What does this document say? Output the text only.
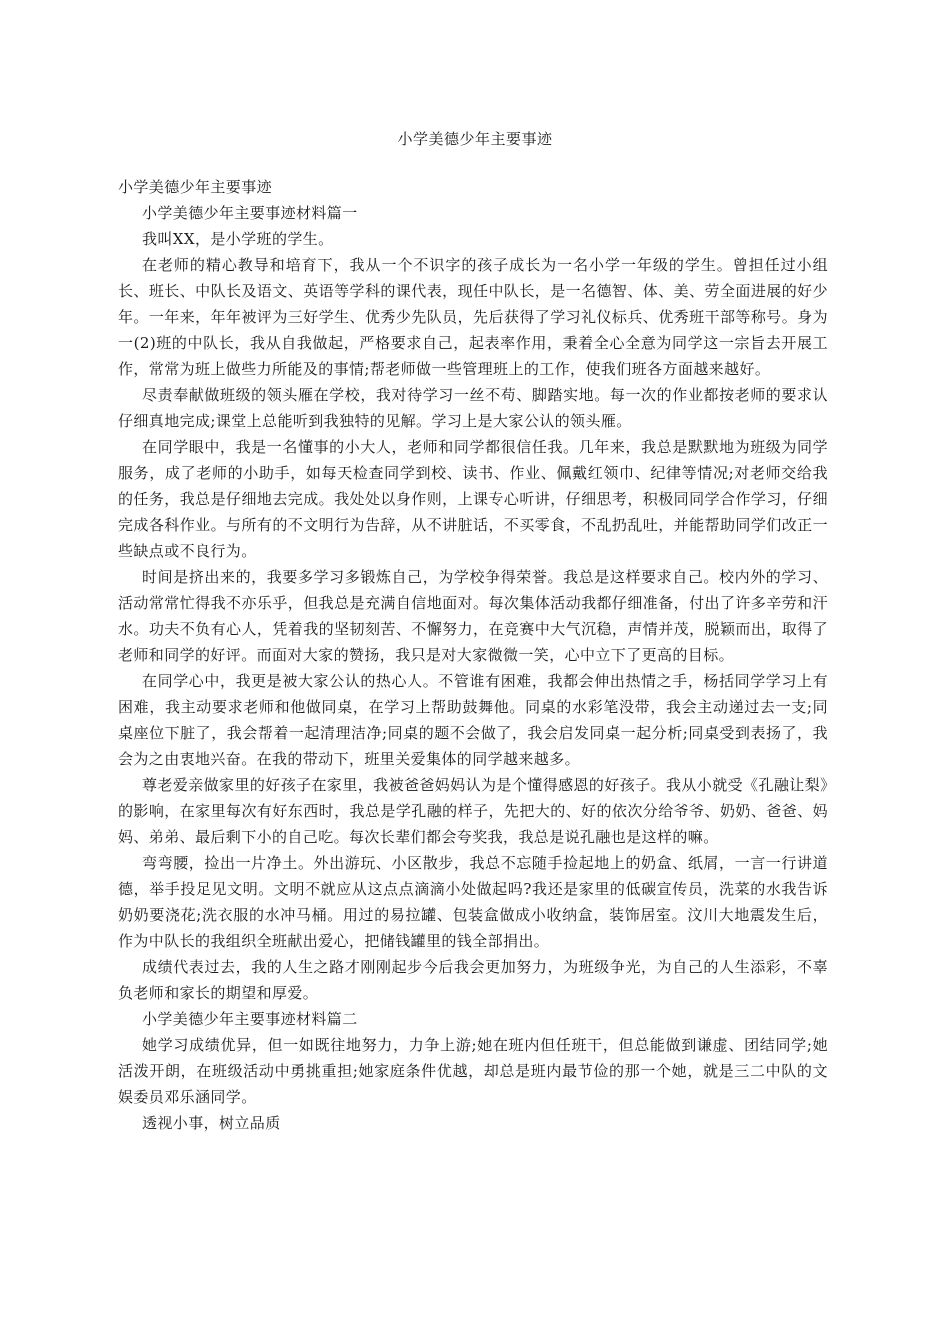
小学美德少年主要事迹

小学美德少年主要事迹

小学美德少年主要事迹材料篇一

我叫XX，是小学班的学生。

在老师的精心教导和培育下，我从一个不识字的孩子成长为一名小学一年级的学生。曾担任过小组长、班长、中队长及语文、英语等学科的课代表，现任中队长，是一名德智、体、美、劳全面进展的好少年。一年来，年年被评为三好学生、优秀少先队员，先后获得了学习礼仪标兵、优秀班干部等称号。身为一(2)班的中队长，我从自我做起，严格要求自己，起表率作用，秉着全心全意为同学这一宗旨去开展工作，常常为班上做些力所能及的事情;帮老师做一些管理班上的工作，使我们班各方面越来越好。

尽责奉献做班级的领头雁在学校，我对待学习一丝不苟、脚踏实地。每一次的作业都按老师的要求认仔细真地完成;课堂上总能听到我独特的见解。学习上是大家公认的领头雁。

在同学眼中，我是一名懂事的小大人，老师和同学都很信任我。几年来，我总是默默地为班级为同学服务，成了老师的小助手，如每天检查同学到校、读书、作业、佩戴红领巾、纪律等情况;对老师交给我的任务，我总是仔细地去完成。我处处以身作则，上课专心听讲，仔细思考，积极同同学合作学习，仔细完成各科作业。与所有的不文明行为告辞，从不讲脏话，不买零食，不乱扔乱吐，并能帮助同学们改正一些缺点或不良行为。

时间是挤出来的，我要多学习多锻炼自己，为学校争得荣誉。我总是这样要求自己。校内外的学习、活动常常忙得我不亦乐乎，但我总是充满自信地面对。每次集体活动我都仔细准备，付出了许多辛劳和汗水。功夫不负有心人，凭着我的坚韧刻苦、不懈努力，在竞赛中大气沉稳，声情并茂，脱颖而出，取得了老师和同学的好评。而面对大家的赞扬，我只是对大家微微一笑，心中立下了更高的目标。

在同学心中，我更是被大家公认的热心人。不管谁有困难，我都会伸出热情之手，杨括同学学习上有困难，我主动要求老师和他做同桌，在学习上帮助鼓舞他。同桌的水彩笔没带，我会主动递过去一支;同桌座位下脏了，我会帮着一起清理洁净;同桌的题不会做了，我会启发同桌一起分析;同桌受到表扬了，我会为之由衷地兴奋。在我的带动下，班里关爱集体的同学越来越多。

尊老爱亲做家里的好孩子在家里，我被爸爸妈妈认为是个懂得感恩的好孩子。我从小就受《孔融让梨》的影响，在家里每次有好东西时，我总是学孔融的样子，先把大的、好的依次分给爷爷、奶奶、爸爸、妈妈、弟弟、最后剩下小的自己吃。每次长辈们都会夸奖我，我总是说孔融也是这样的嘛。

弯弯腰，捡出一片净土。外出游玩、小区散步，我总不忘随手捡起地上的奶盒、纸屑，一言一行讲道德，举手投足见文明。文明不就应从这点点滴滴小处做起吗?我还是家里的低碳宣传员，洗菜的水我告诉奶奶要浇花;洗衣服的水冲马桶。用过的易拉罐、包装盒做成小收纳盒，装饰居室。汶川大地震发生后，作为中队长的我组织全班献出爱心，把储钱罐里的钱全部捐出。

成绩代表过去，我的人生之路才刚刚起步今后我会更加努力，为班级争光，为自己的人生添彩，不辜负老师和家长的期望和厚爱。

小学美德少年主要事迹材料篇二

她学习成绩优异，但一如既往地努力，力争上游;她在班内但任班干，但总能做到谦虚、团结同学;她活泼开朗，在班级活动中勇挑重担;她家庭条件优越，却总是班内最节俭的那一个她，就是三二中队的文娱委员邓乐涵同学。

透视小事，树立品质
